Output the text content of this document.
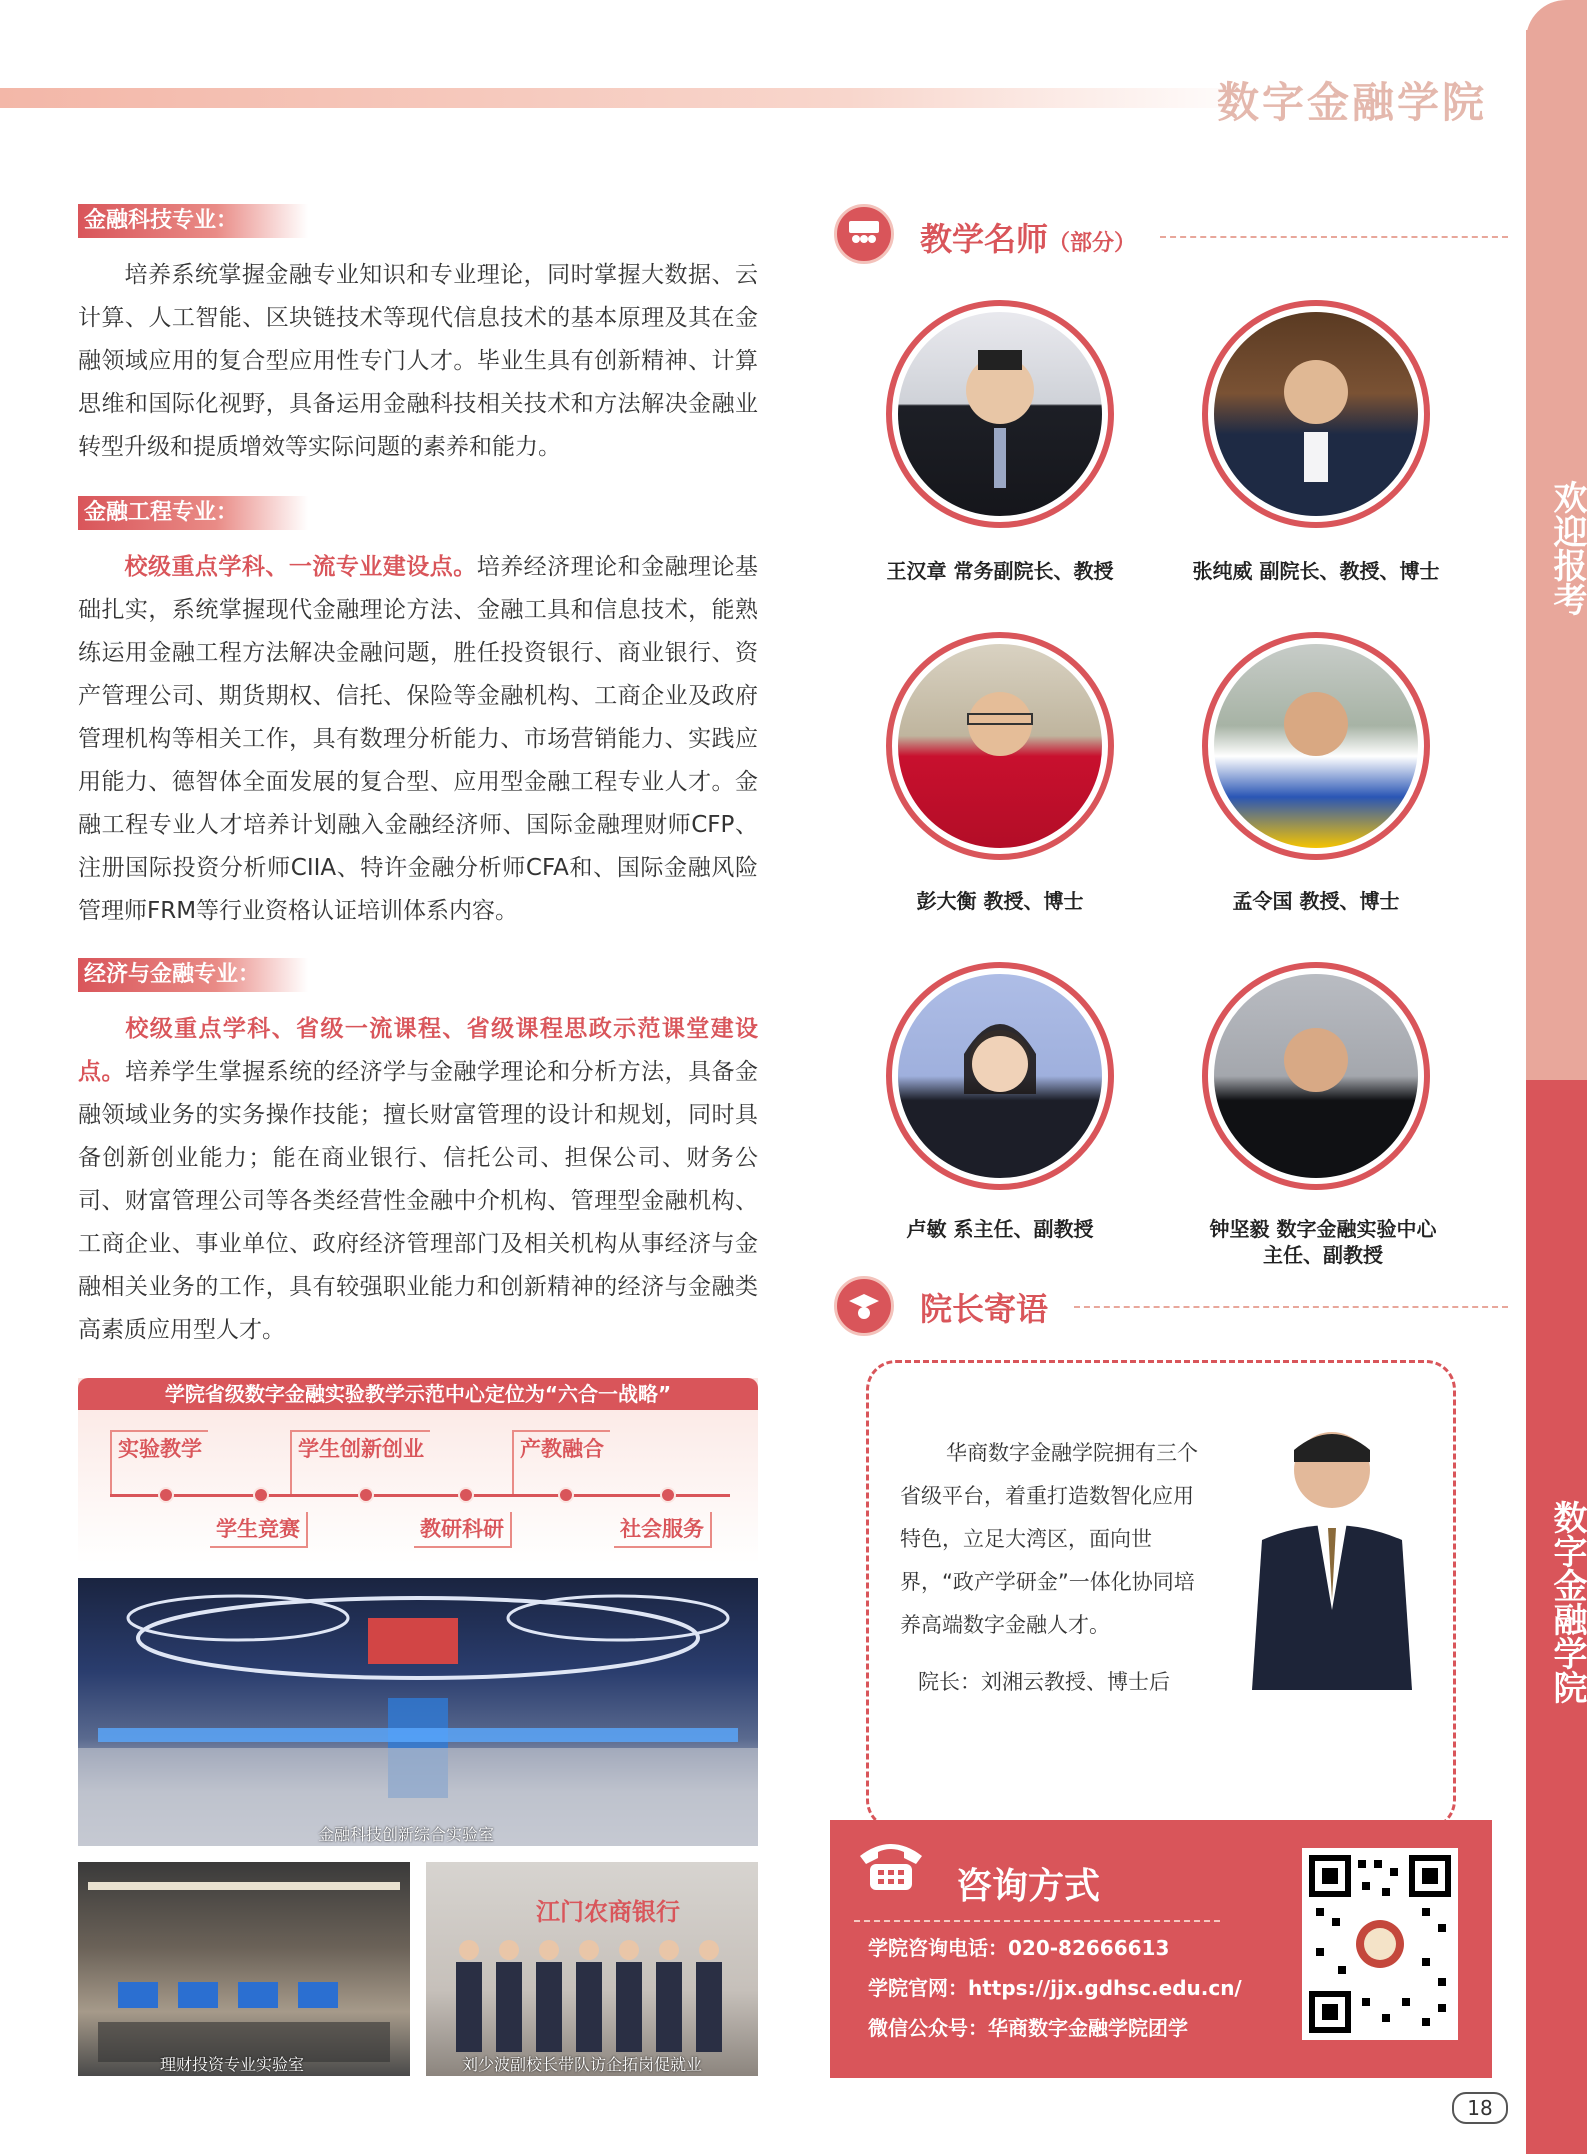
数字金融学院
欢迎报考
数字金融学院
金融科技专业：
培养系统掌握金融专业知识和专业理论，同时掌握大数据、云计算、人工智能、区块链技术等现代信息技术的基本原理及其在金融领域应用的复合型应用性专门人才。毕业生具有创新精神、计算思维和国际化视野，具备运用金融科技相关技术和方法解决金融业转型升级和提质增效等实际问题的素养和能力。
金融工程专业：
校级重点学科、一流专业建设点。培养经济理论和金融理论基础扎实，系统掌握现代金融理论方法、金融工具和信息技术，能熟练运用金融工程方法解决金融问题，胜任投资银行、商业银行、资产管理公司、期货期权、信托、保险等金融机构、工商企业及政府管理机构等相关工作，具有数理分析能力、市场营销能力、实践应用能力、德智体全面发展的复合型、应用型金融工程专业人才。金融工程专业人才培养计划融入金融经济师、国际金融理财师CFP、注册国际投资分析师CIIA、特许金融分析师CFA和、国际金融风险管理师FRM等行业资格认证培训体系内容。
经济与金融专业：
校级重点学科、省级一流课程、省级课程思政示范课堂建设点。培养学生掌握系统的经济学与金融学理论和分析方法，具备金融领域业务的实务操作技能；擅长财富管理的设计和规划，同时具备创新创业能力；能在商业银行、信托公司、担保公司、财务公司、财富管理公司等各类经营性金融中介机构、管理型金融机构、工商企业、事业单位、政府经济管理部门及相关机构从事经济与金融相关业务的工作，具有较强职业能力和创新精神的经济与金融类高素质应用型人才。
学院省级数字金融实验教学示范中心定位为“六合一战略”
实验教学	学生创新创业	产教融合
学生竞赛	教研科研	社会服务
金融科技创新综合实验室
理财投资专业实验室
江门农商银行
刘少波副校长带队访企拓岗促就业
教学名师（部分）
王汉章 常务副院长、教授	张纯威 副院长、教授、博士
彭大衡 教授、博士	孟令国 教授、博士
卢敏 系主任、副教授	钟坚毅 数字金融实验中心主任、副教授
院长寄语
华商数字金融学院拥有三个省级平台，着重打造数智化应用特色，立足大湾区，面向世界，“政产学研金”一体化协同培养高端数字金融人才。
院长：刘湘云教授、博士后
咨询方式
学院咨询电话：020-82666613
学院官网：https://jjx.gdhsc.edu.cn/
微信公众号：华商数字金融学院团学
18
